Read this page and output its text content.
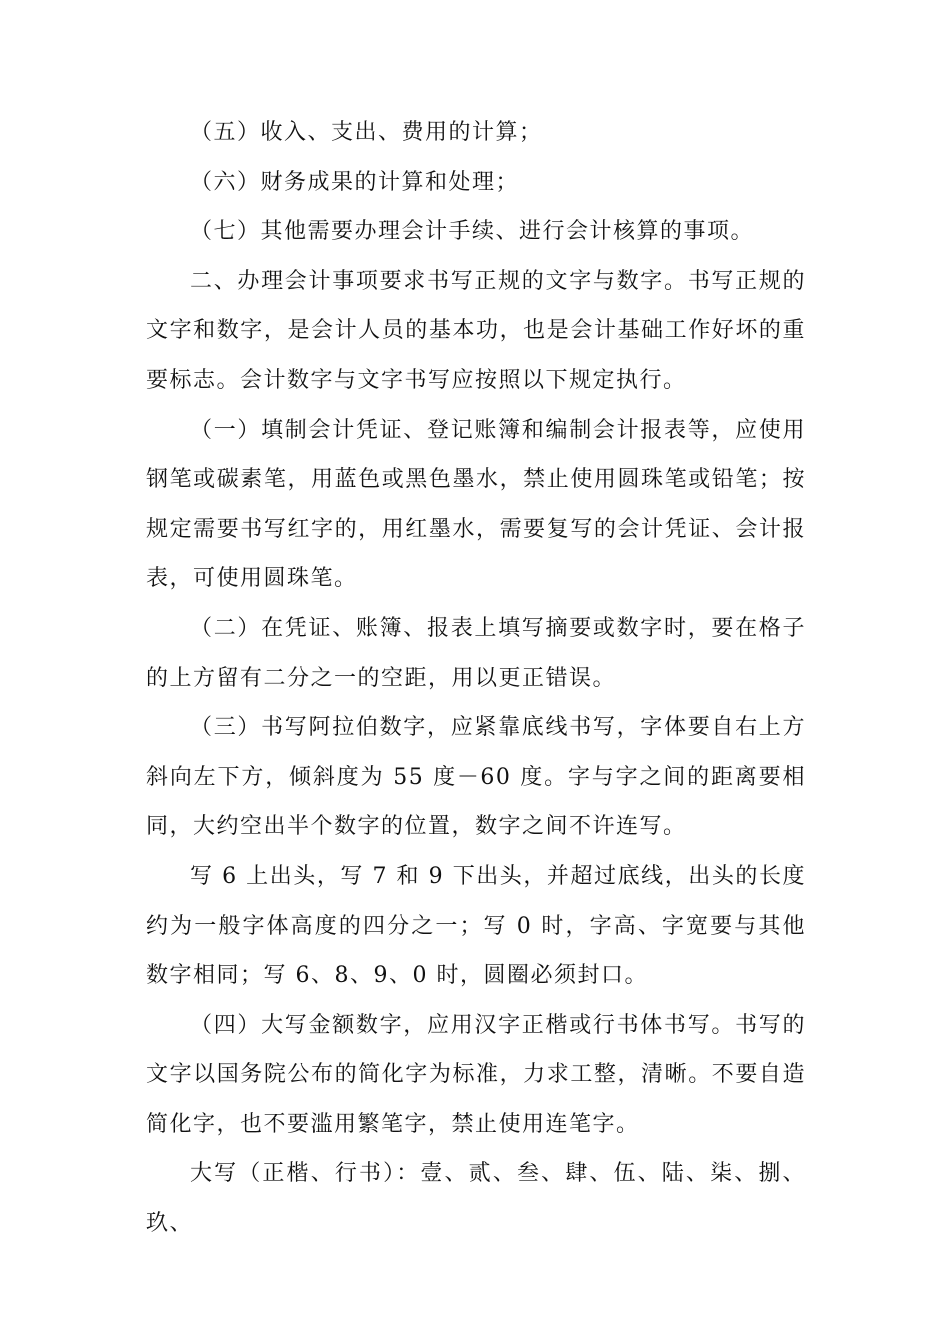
（五）收入、支出、费用的计算；

（六）财务成果的计算和处理；

（七）其他需要办理会计手续、进行会计核算的事项。

二、办理会计事项要求书写正规的文字与数字。书写正规的文字和数字，是会计人员的基本功，也是会计基础工作好坏的重要标志。会计数字与文字书写应按照以下规定执行。

（一）填制会计凭证、登记账簿和编制会计报表等，应使用钢笔或碳素笔，用蓝色或黑色墨水，禁止使用圆珠笔或铅笔；按规定需要书写红字的，用红墨水，需要复写的会计凭证、会计报表，可使用圆珠笔。

（二）在凭证、账簿、报表上填写摘要或数字时，要在格子的上方留有二分之一的空距，用以更正错误。

（三）书写阿拉伯数字，应紧靠底线书写，字体要自右上方斜向左下方，倾斜度为 55 度－60 度。字与字之间的距离要相同，大约空出半个数字的位置，数字之间不许连写。

写 6 上出头，写 7 和 9 下出头，并超过底线，出头的长度约为一般字体高度的四分之一；写 0 时，字高、字宽要与其他数字相同；写 6、8、9、0 时，圆圈必须封口。

（四）大写金额数字，应用汉字正楷或行书体书写。书写的文字以国务院公布的简化字为标准，力求工整，清晰。不要自造简化字，也不要滥用繁笔字，禁止使用连笔字。

大写（正楷、行书）：壹、贰、叁、肆、伍、陆、柒、捌、玖、
